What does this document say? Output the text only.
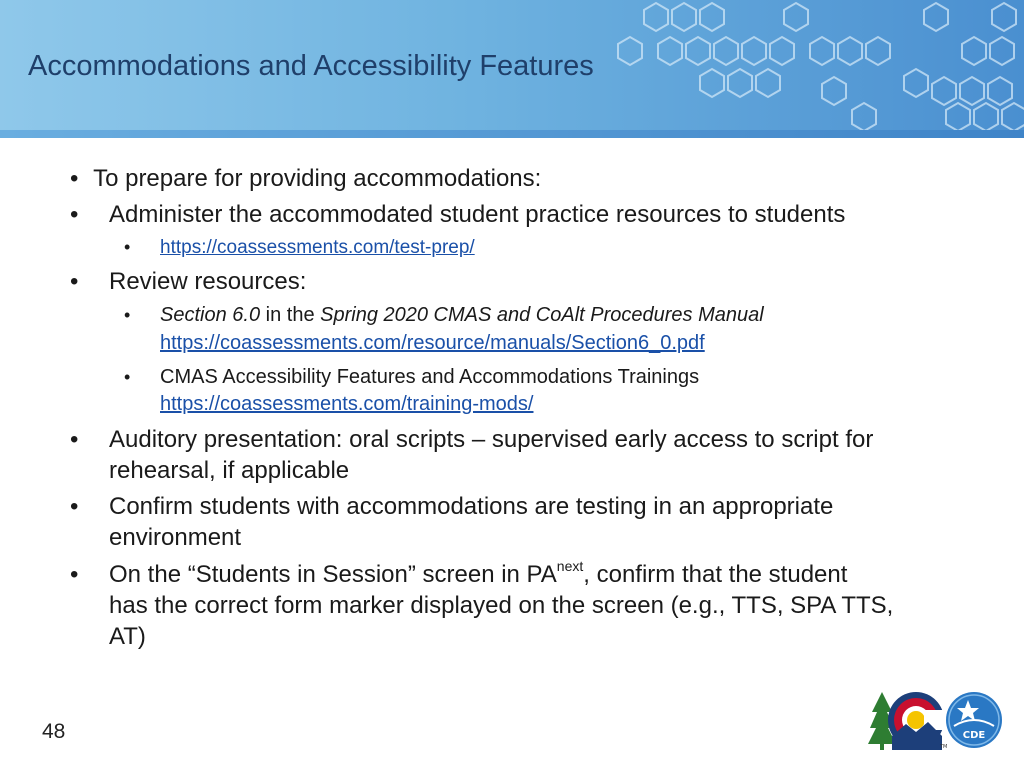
Accommodations and Accessibility Features
• To prepare for providing accommodations:
• Administer the accommodated student practice resources to students
• https://coassessments.com/test-prep/
• Review resources:
• Section 6.0 in the Spring 2020 CMAS and CoAlt Procedures Manual
https://coassessments.com/resource/manuals/Section6_0.pdf
• CMAS Accessibility Features and Accommodations Trainings
https://coassessments.com/training-mods/
• Auditory presentation: oral scripts – supervised early access to script for
rehearsal, if applicable
• Confirm students with accommodations are testing in an appropriate
environment
• On the “Students in Session” screen in $PA^{next}$, confirm that the student
has the correct form marker displayed on the screen (e.g., TTS, SPA TTS,
AT)
48
TM
CDE
